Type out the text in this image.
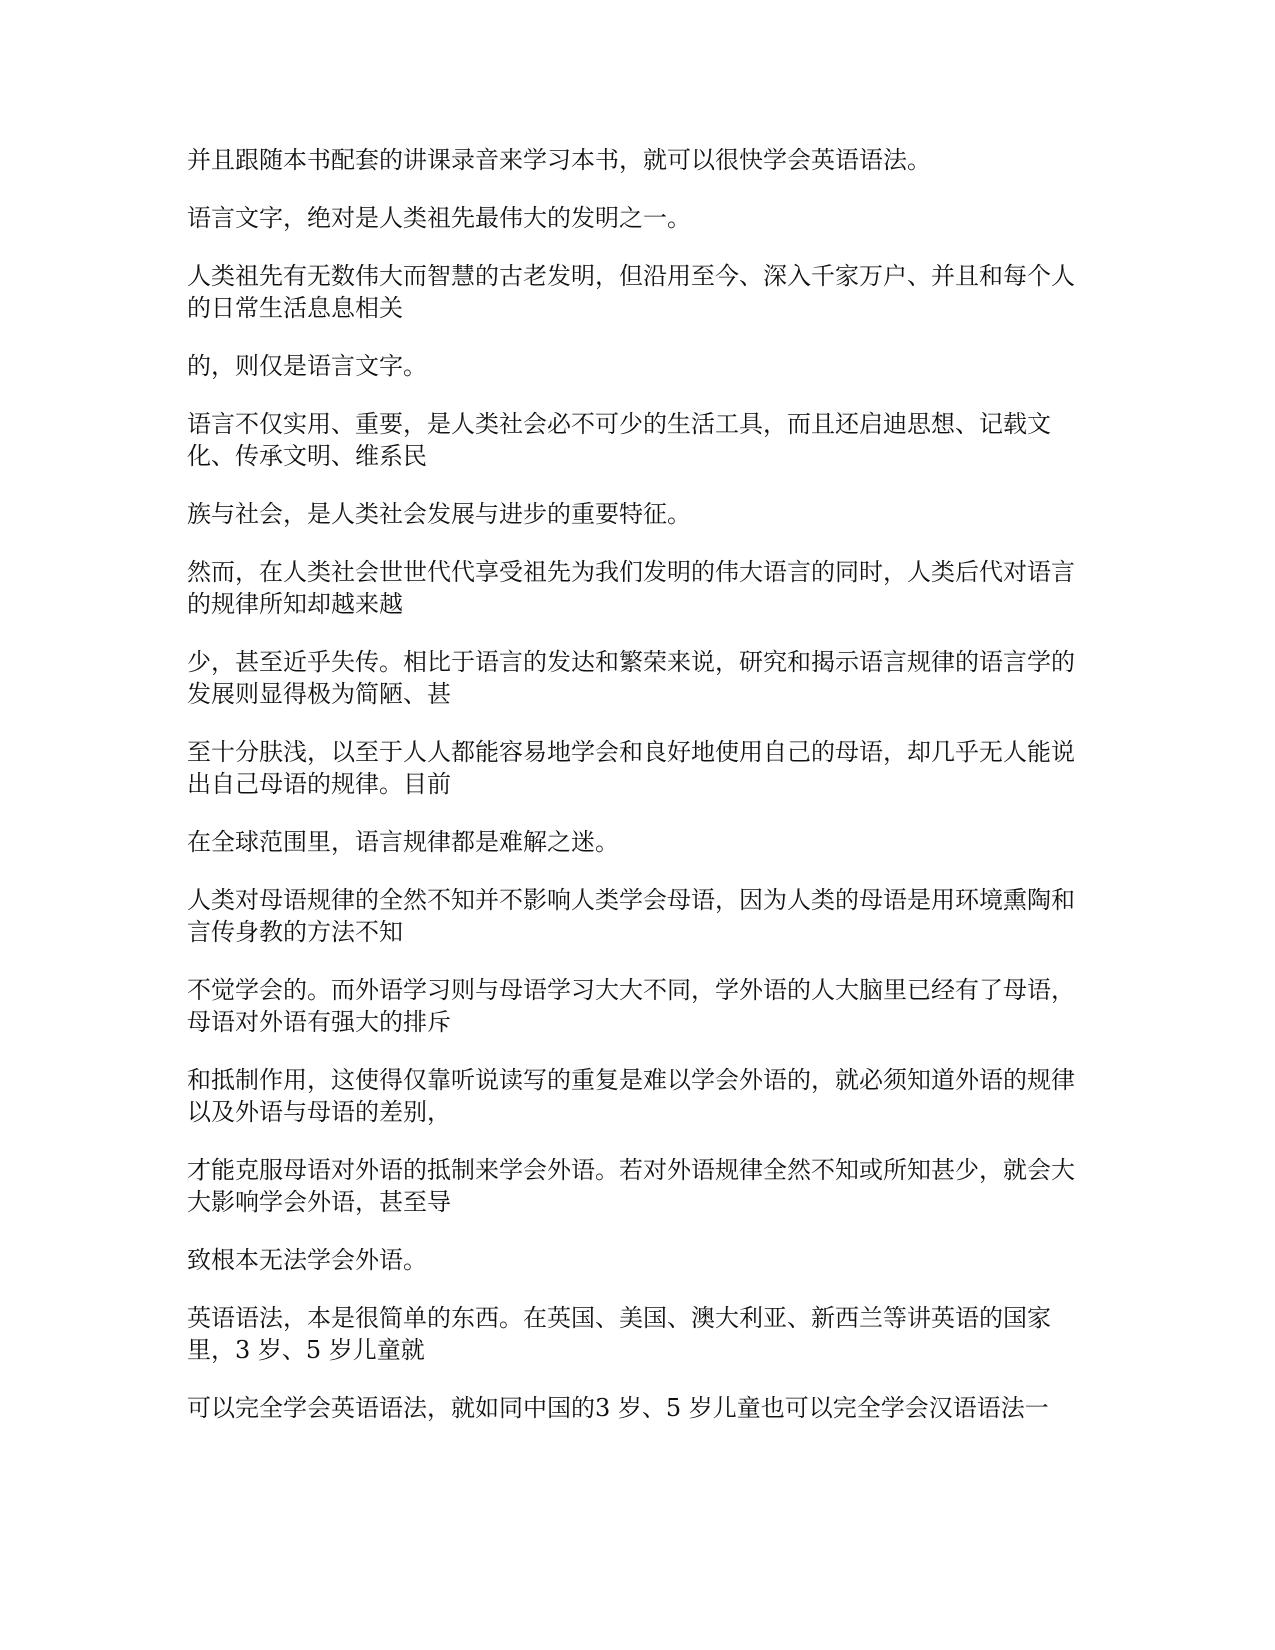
并且跟随本书配套的讲课录音来学习本书，就可以很快学会英语语法。

语言文字，绝对是人类祖先最伟大的发明之一。

人类祖先有无数伟大而智慧的古老发明，但沿用至今、深入千家万户、并且和每个人的日常生活息息相关

的，则仅是语言文字。

语言不仅实用、重要，是人类社会必不可少的生活工具，而且还启迪思想、记载文化、传承文明、维系民

族与社会，是人类社会发展与进步的重要特征。

然而，在人类社会世世代代享受祖先为我们发明的伟大语言的同时，人类后代对语言的规律所知却越来越

少，甚至近乎失传。相比于语言的发达和繁荣来说，研究和揭示语言规律的语言学的发展则显得极为简陋、甚

至十分肤浅，以至于人人都能容易地学会和良好地使用自己的母语，却几乎无人能说出自己母语的规律。目前

在全球范围里，语言规律都是难解之迷。

人类对母语规律的全然不知并不影响人类学会母语，因为人类的母语是用环境熏陶和言传身教的方法不知

不觉学会的。而外语学习则与母语学习大大不同，学外语的人大脑里已经有了母语，母语对外语有强大的排斥

和抵制作用，这使得仅靠听说读写的重复是难以学会外语的，就必须知道外语的规律以及外语与母语的差别，

才能克服母语对外语的抵制来学会外语。若对外语规律全然不知或所知甚少，就会大大影响学会外语，甚至导

致根本无法学会外语。

英语语法，本是很简单的东西。在英国、美国、澳大利亚、新西兰等讲英语的国家里，3 岁、5 岁儿童就

可以完全学会英语语法，就如同中国的3 岁、5 岁儿童也可以完全学会汉语语法一
